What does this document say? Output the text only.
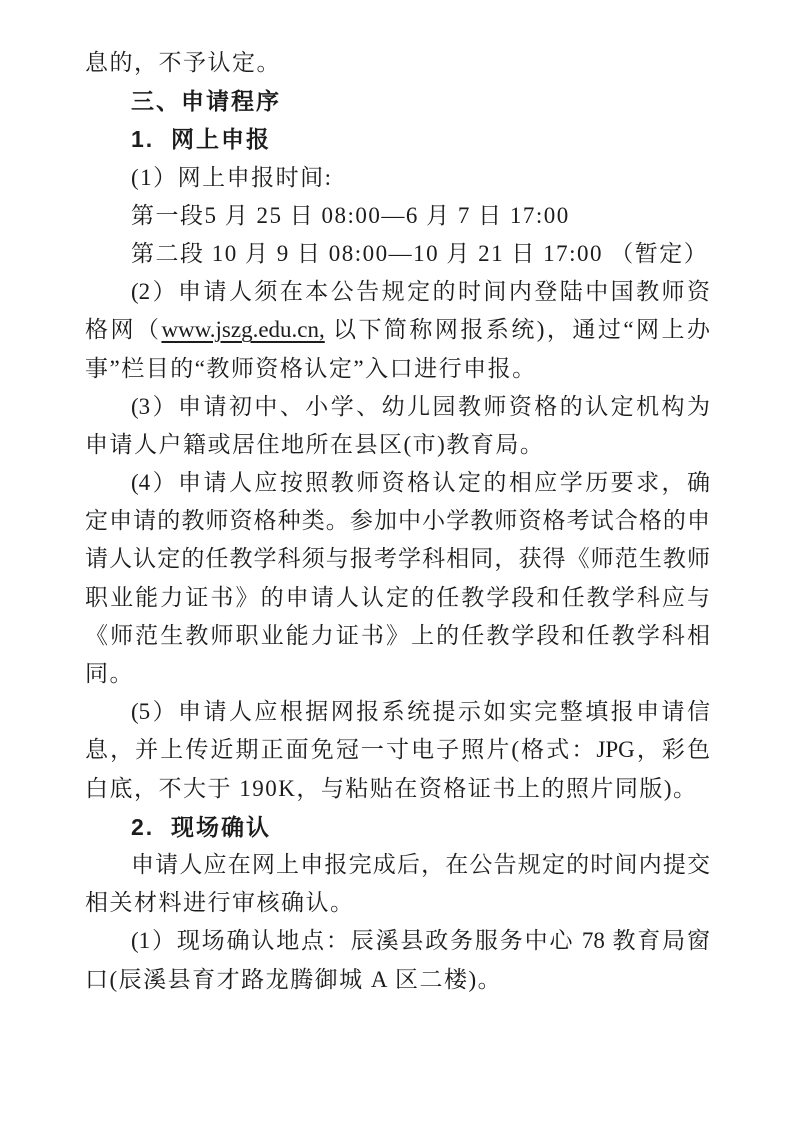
息的，不予认定。
三、申请程序
1.  网上申报
(1）网上申报时间:
第一段5 月 25 日 08:00—6 月 7 日 17:00
第二段 10 月 9 日 08:00—10 月 21 日 17:00 （暂定）
(2）申请人须在本公告规定的时间内登陆中国教师资
格网（www.jszg.edu.cn, 以下简称网报系统)，通过“网上办
事”栏目的“教师资格认定”入口进行申报。
(3）申请初中、小学、幼儿园教师资格的认定机构为
申请人户籍或居住地所在县区(市)教育局。
(4）申请人应按照教师资格认定的相应学历要求，确
定申请的教师资格种类。参加中小学教师资格考试合格的申
请人认定的任教学科须与报考学科相同，获得《师范生教师
职业能力证书》的申请人认定的任教学段和任教学科应与
《师范生教师职业能力证书》上的任教学段和任教学科相
同。
(5）申请人应根据网报系统提示如实完整填报申请信
息，并上传近期正面免冠一寸电子照片(格式：JPG，彩色
白底，不大于 190K，与粘贴在资格证书上的照片同版)。
2.  现场确认
申请人应在网上申报完成后，在公告规定的时间内提交
相关材料进行审核确认。
(1）现场确认地点：辰溪县政务服务中心 78 教育局窗
口(辰溪县育才路龙腾御城 A 区二楼)。
